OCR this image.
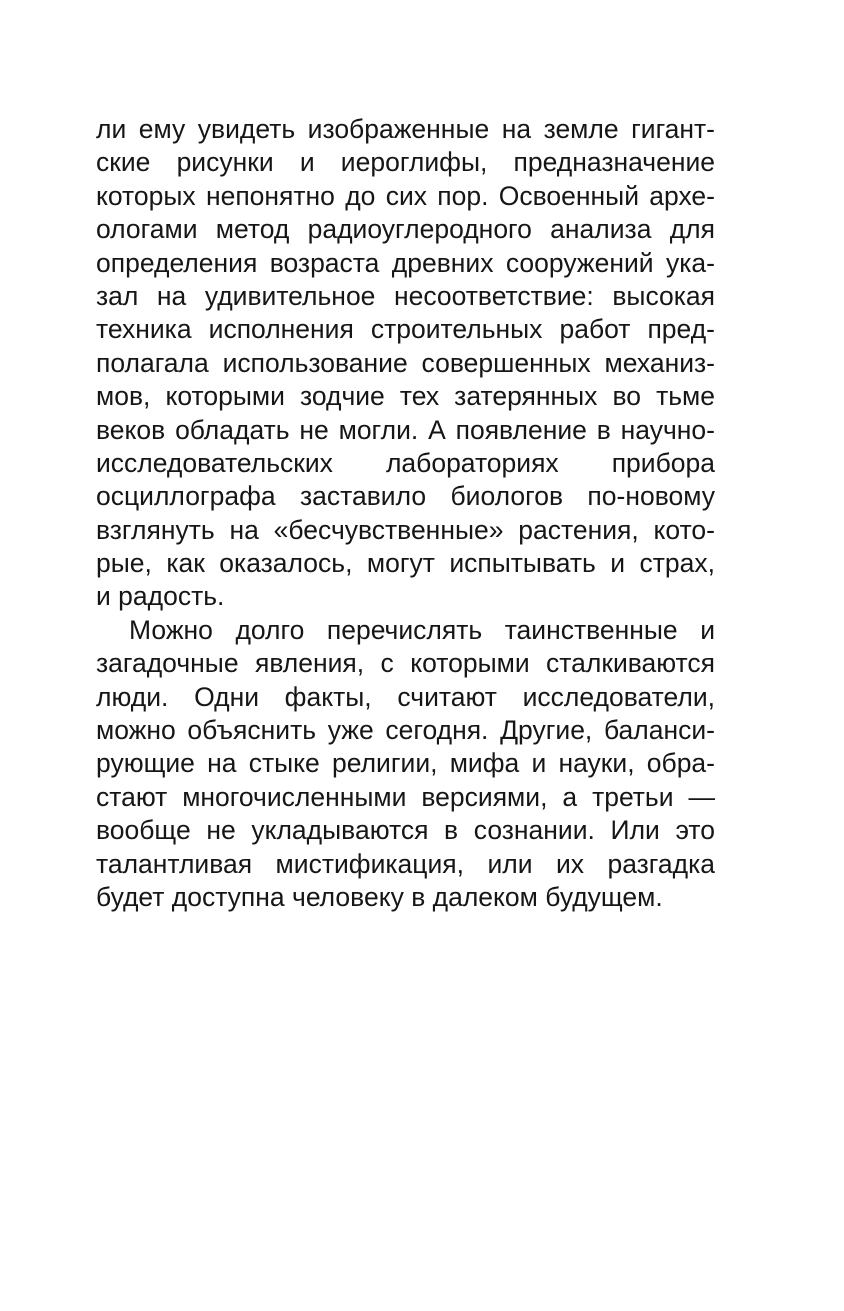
ли ему увидеть изображенные на земле гигант-
ские рисунки и иероглифы, предназначение
которых непонятно до сих пор. Освоенный архе-
ологами метод радиоуглеродного анализа для
определения возраста древних сооружений ука-
зал на удивительное несоответствие: высокая
техника исполнения строительных работ пред-
полагала использование совершенных механиз-
мов, которыми зодчие тех затерянных во тьме
веков обладать не могли. А появление в научно-
исследовательских лабораториях прибора
осциллографа заставило биологов по-новому
взглянуть на «бесчувственные» растения, кото-
рые, как оказалось, могут испытывать и страх,
и радость.
Можно долго перечислять таинственные и
загадочные явления, с которыми сталкиваются
люди. Одни факты, считают исследователи,
можно объяснить уже сегодня. Другие, баланси-
рующие на стыке религии, мифа и науки, обра-
стают многочисленными версиями, а третьи —
вообще не укладываются в сознании. Или это
талантливая мистификация, или их разгадка
будет доступна человеку в далеком будущем.
